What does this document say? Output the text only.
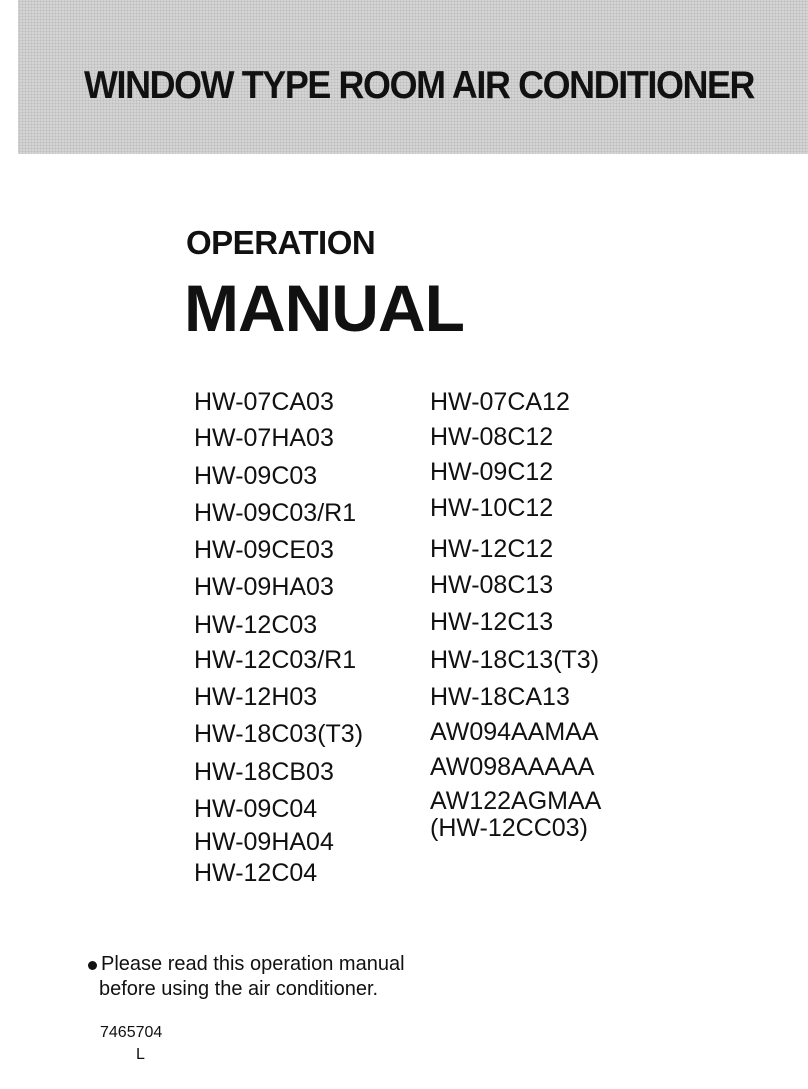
WINDOW TYPE ROOM AIR CONDITIONER
OPERATION
MANUAL
HW-07CA03
HW-07HA03
HW-09C03
HW-09C03/R1
HW-09CE03
HW-09HA03
HW-12C03
HW-12C03/R1
HW-12H03
HW-18C03(T3)
HW-18CB03
HW-09C04
HW-09HA04
HW-12C04
HW-07CA12
HW-08C12
HW-09C12
HW-10C12
HW-12C12
HW-08C13
HW-12C13
HW-18C13(T3)
HW-18CA13
AW094AAMAA
AW098AAAAA
AW122AGMAA
(HW-12CC03)
Please read this operation manual
before using the air conditioner.
7465704
L
